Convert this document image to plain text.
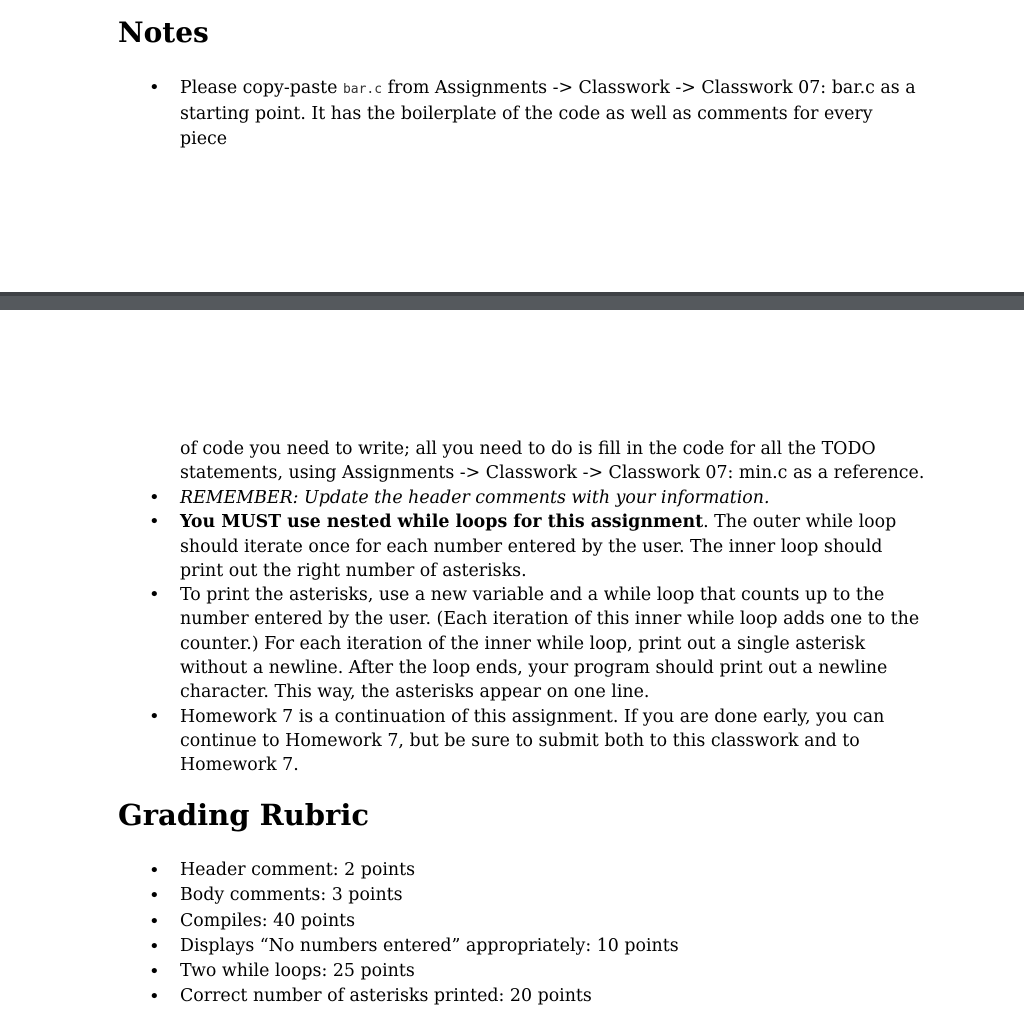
Notes
• Please copy-paste bar.c from Assignments -> Classwork -> Classwork 07: bar.c as a starting point. It has the boilerplate of the code as well as comments for every piece
of code you need to write; all you need to do is fill in the code for all the TODO statements, using Assignments -> Classwork -> Classwork 07: min.c as a reference.
• REMEMBER: Update the header comments with your information.
• You MUST use nested while loops for this assignment. The outer while loop should iterate once for each number entered by the user. The inner loop should print out the right number of asterisks.
• To print the asterisks, use a new variable and a while loop that counts up to the number entered by the user. (Each iteration of this inner while loop adds one to the counter.) For each iteration of the inner while loop, print out a single asterisk without a newline. After the loop ends, your program should print out a newline character. This way, the asterisks appear on one line.
• Homework 7 is a continuation of this assignment. If you are done early, you can continue to Homework 7, but be sure to submit both to this classwork and to Homework 7.
Grading Rubric
• Header comment: 2 points
• Body comments: 3 points
• Compiles: 40 points
• Displays “No numbers entered” appropriately: 10 points
• Two while loops: 25 points
• Correct number of asterisks printed: 20 points
